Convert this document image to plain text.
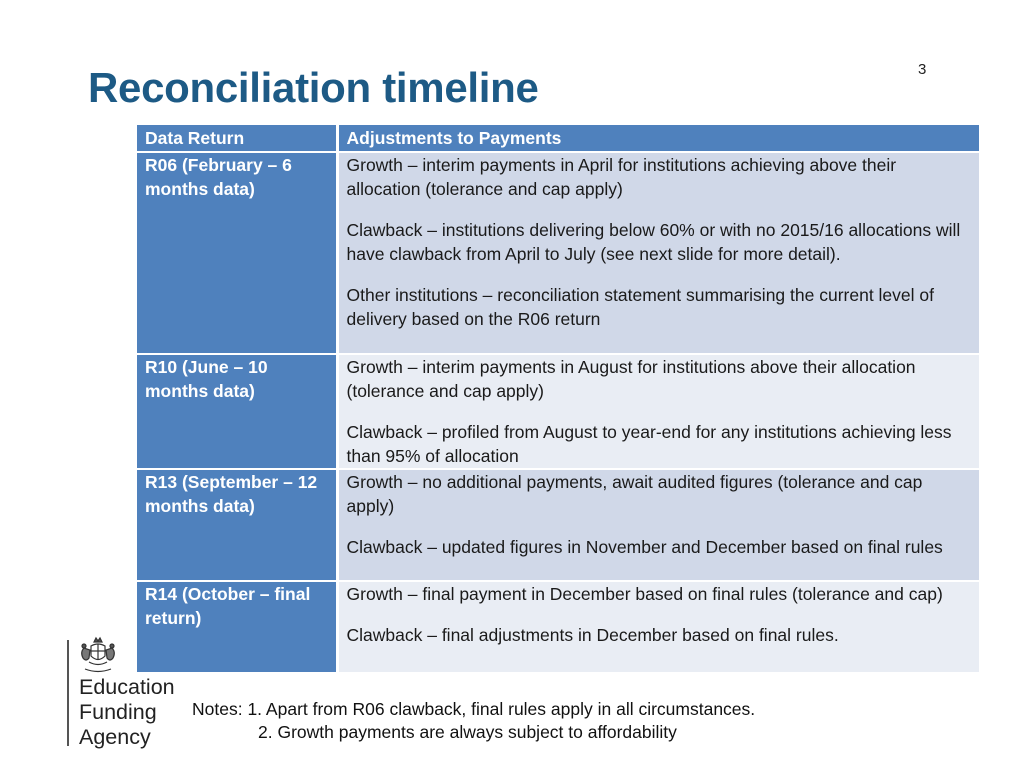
3
Reconciliation timeline
Data Return	Adjustments to Payments
R06 (February – 6 months data)	Growth – interim payments in April for institutions achieving above their allocation (tolerance and cap apply)

Clawback – institutions delivering below 60% or with no 2015/16 allocations will have clawback from April to July (see next slide for more detail).

Other institutions – reconciliation statement summarising the current level of delivery based on the R06 return

R10 (June – 10 months data)	Growth – interim payments in August for institutions above their allocation (tolerance and cap apply)

Clawback – profiled from August to year-end for any institutions achieving less than 95% of allocation

R13 (September – 12 months data)	Growth – no additional payments, await audited figures (tolerance and cap apply)

Clawback – updated figures in November and December based on final rules

R14 (October – final return)	Growth – final payment in December based on final rules (tolerance and cap)

Clawback – final adjustments in December based on final rules.

Education
Funding
Agency
Notes: 1. Apart from R06 clawback, final rules apply in all circumstances.
2. Growth payments are always subject to affordability
